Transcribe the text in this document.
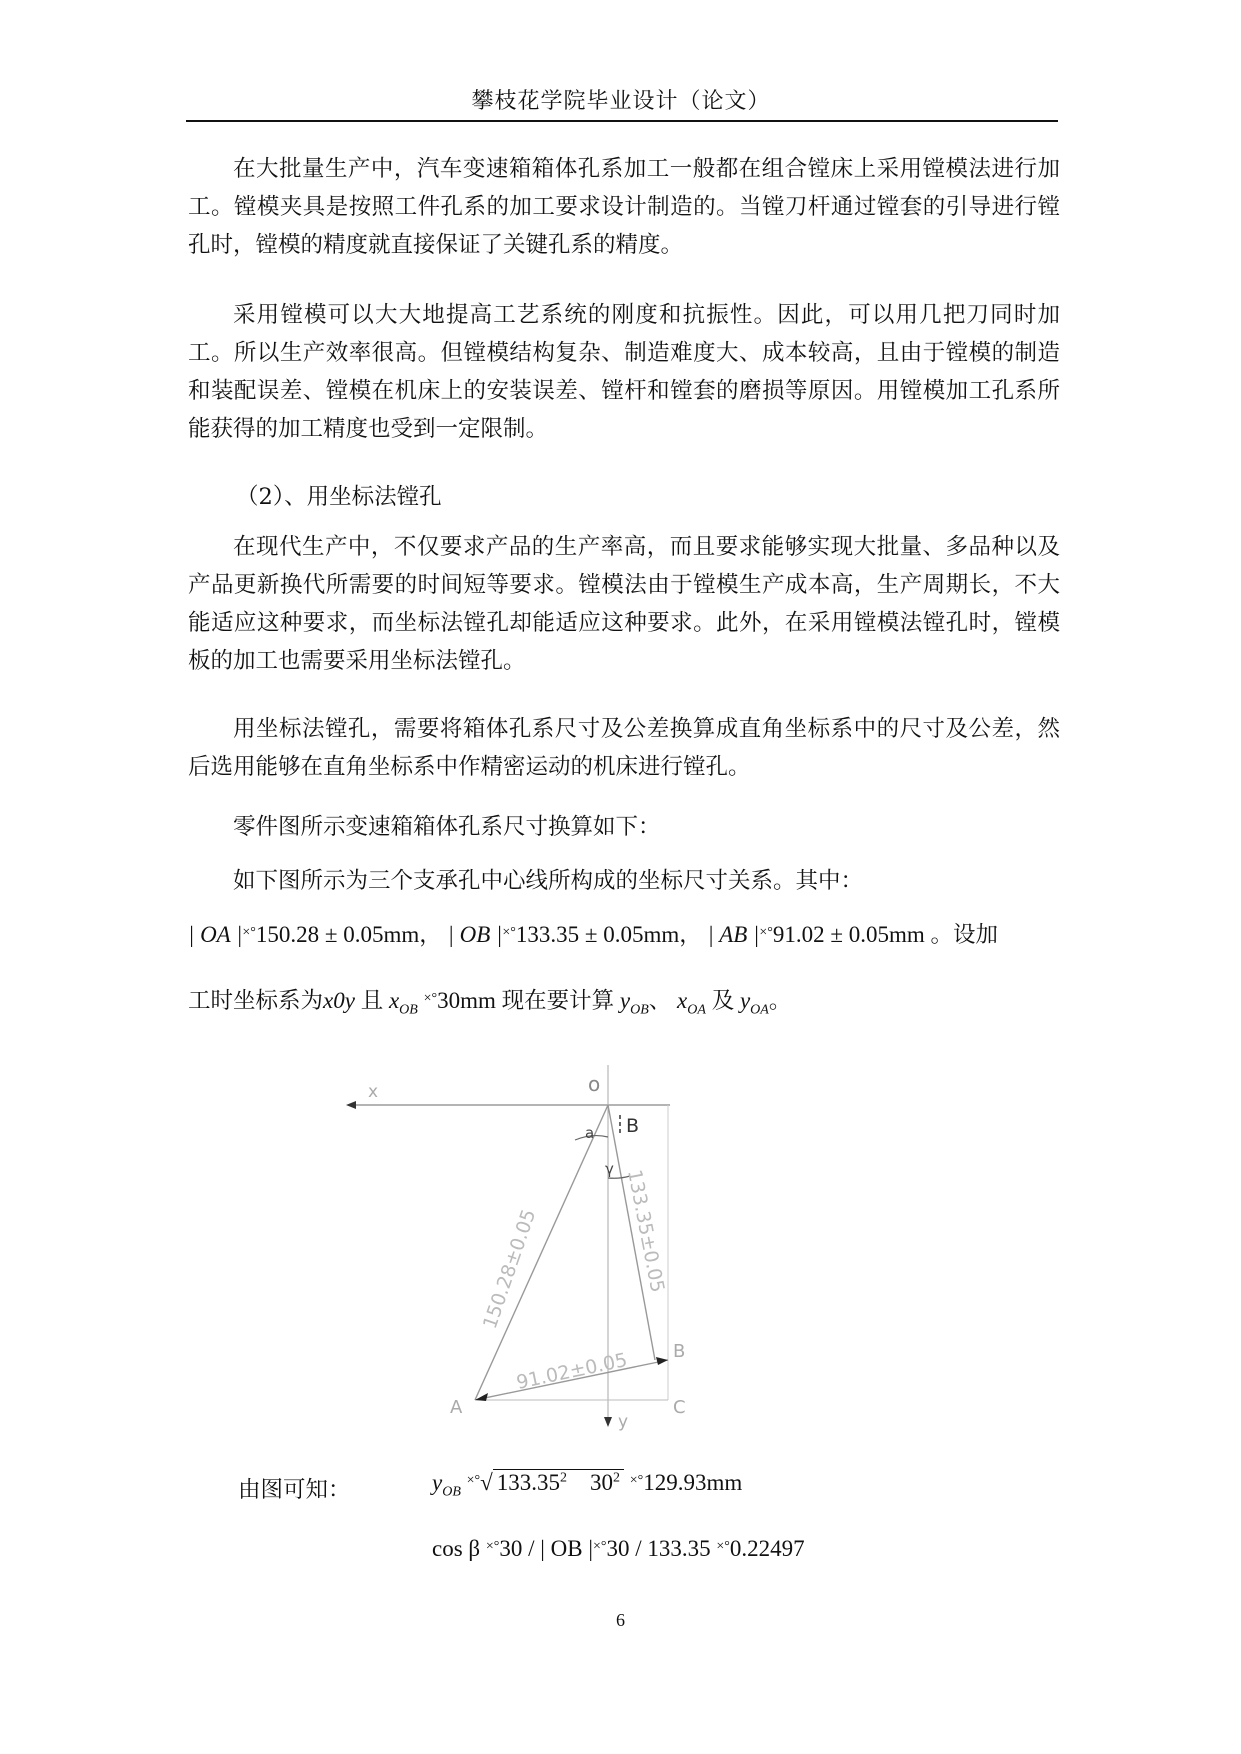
攀枝花学院毕业设计（论文）

在大批量生产中，汽车变速箱箱体孔系加工一般都在组合镗床上采用镗模法进行加工。镗模夹具是按照工件孔系的加工要求设计制造的。当镗刀杆通过镗套的引导进行镗孔时，镗模的精度就直接保证了关键孔系的精度。

采用镗模可以大大地提高工艺系统的刚度和抗振性。因此，可以用几把刀同时加工。所以生产效率很高。但镗模结构复杂、制造难度大、成本较高，且由于镗模的制造和装配误差、镗模在机床上的安装误差、镗杆和镗套的磨损等原因。用镗模加工孔系所能获得的加工精度也受到一定限制。

（2）、用坐标法镗孔

在现代生产中，不仅要求产品的生产率高，而且要求能够实现大批量、多品种以及产品更新换代所需要的时间短等要求。镗模法由于镗模生产成本高，生产周期长，不大能适应这种要求，而坐标法镗孔却能适应这种要求。此外，在采用镗模法镗孔时，镗模板的加工也需要采用坐标法镗孔。

用坐标法镗孔，需要将箱体孔系尺寸及公差换算成直角坐标系中的尺寸及公差，然后选用能够在直角坐标系中作精密运动的机床进行镗孔。

零件图所示变速箱箱体孔系尺寸换算如下：

如下图所示为三个支承孔中心线所构成的坐标尺寸关系。其中：

| OA |×°150.28 ± 0.05mm， | OB |×°133.35 ± 0.05mm， | AB |×°91.02 ± 0.05mm 。设加
工时坐标系为x0y 且 $x_{OB}$ ×°30mm 现在要计算 $y_{OB}$、 $x_{OA}$ 及 $y_{OA}$。
x	o
y
a
γ
B
150.28±0.05	133.35±0.05
91.02±0.05
A
B
C
由图可知：	$y_{OB}$ ×°√ 133.35$^2$ $30^2$ ×°129.93mm
cos β ×°30 / | OB |×°30 / 133.35 ×°0.22497
6
